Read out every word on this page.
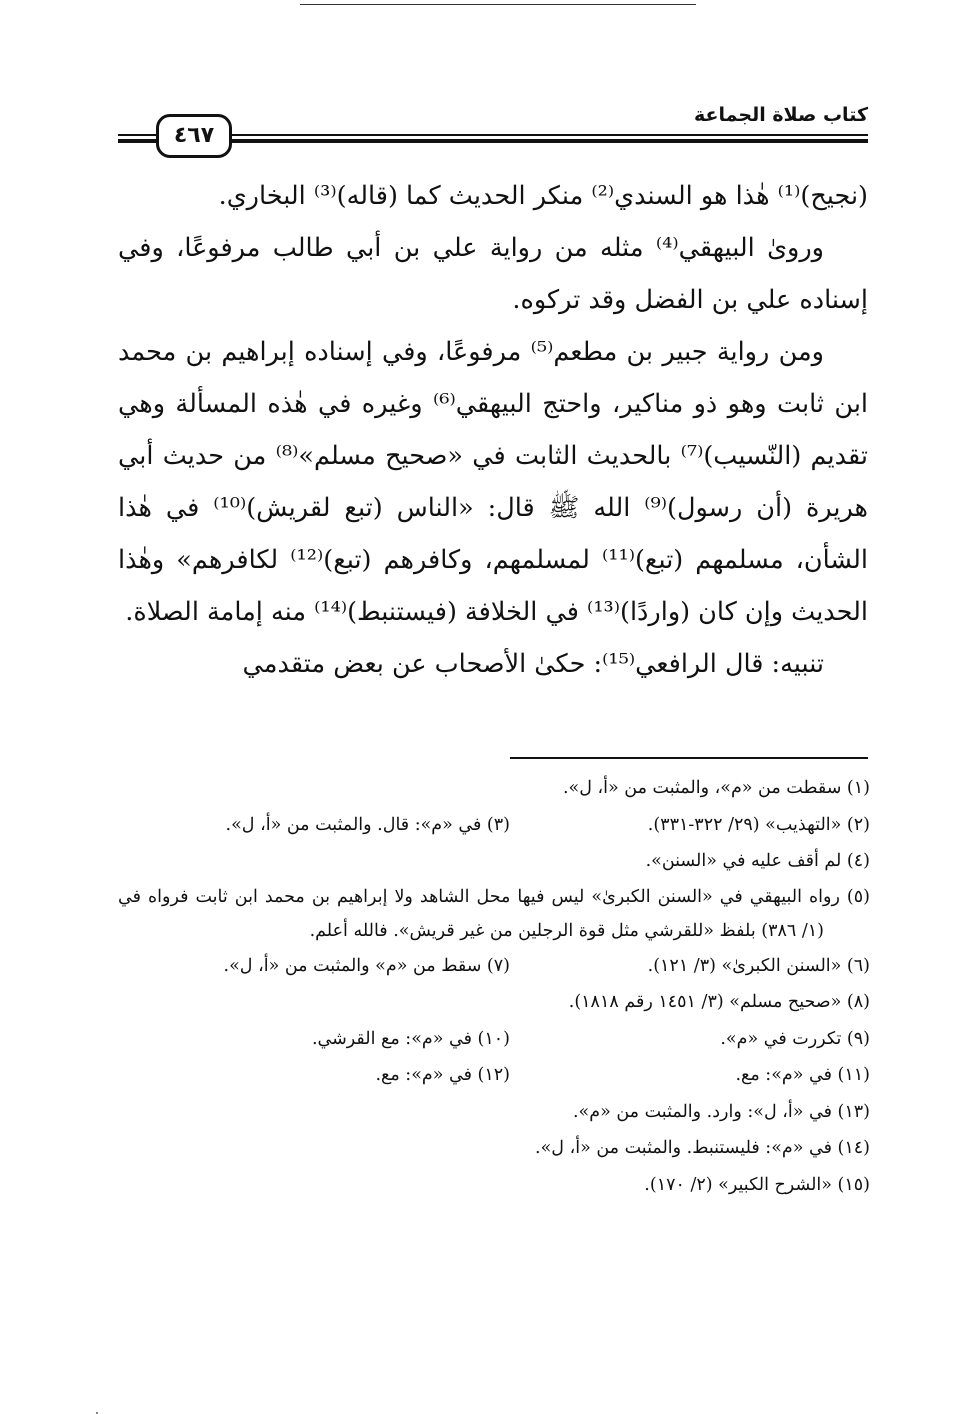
كتاب صلاة الجماعة
٤٦٧

(نجيح)⁽¹⁾ هٰذا هو السندي⁽²⁾ منكر الحديث كما (قاله)⁽³⁾ البخاري.

ورویٰ البيهقي⁽⁴⁾ مثله من رواية علي بن أبي طالب مرفوعًا، وفي إسناده علي بن الفضل وقد تركوه.

ومن رواية جبير بن مطعم⁽⁵⁾ مرفوعًا، وفي إسناده إبراهيم بن محمد ابن ثابت وهو ذو مناكير، واحتج البيهقي⁽⁶⁾ وغيره في هٰذه المسألة وهي تقديم (النّسيب)⁽⁷⁾ بالحديث الثابت في «صحيح مسلم»⁽⁸⁾ من حديث أبي هريرة (أن رسول)⁽⁹⁾ الله ﷺ قال: «الناس (تبع لقريش)⁽¹⁰⁾ في هٰذا الشأن، مسلمهم (تبع)⁽¹¹⁾ لمسلمهم، وكافرهم (تبع)⁽¹²⁾ لكافرهم» وهٰذا الحديث وإن كان (واردًا)⁽¹³⁾ في الخلافة (فيستنبط)⁽¹⁴⁾ منه إمامة الصلاة.

تنبيه: قال الرافعي⁽¹⁵⁾: حكىٰ الأصحاب عن بعض متقدمي

(١) سقطت من «م»، والمثبت من «أ، ل».
(٢) «التهذيب» (٢٩/ ٣٢٢-٣٣١).
(٣) في «م»: قال. والمثبت من «أ، ل».
(٤) لم أقف عليه في «السنن».
(٥) رواه البيهقي في «السنن الكبرىٰ» ليس فيها محل الشاهد ولا إبراهيم بن محمد ابن ثابت فرواه في (١/ ٣٨٦) بلفظ «للقرشي مثل قوة الرجلين من غير قريش». فالله أعلم.
(٦) «السنن الكبرىٰ» (٣/ ١٢١).
(٧) سقط من «م» والمثبت من «أ، ل».
(٨) «صحيح مسلم» (٣/ ١٤٥١ رقم ١٨١٨).
(٩) تكررت في «م».
(١٠) في «م»: مع القرشي.
(١١) في «م»: مع.
(١٢) في «م»: مع.
(١٣) في «أ، ل»: وارد. والمثبت من «م».
(١٤) في «م»: فليستنبط. والمثبت من «أ، ل».
(١٥) «الشرح الكبير» (٢/ ١٧٠).
